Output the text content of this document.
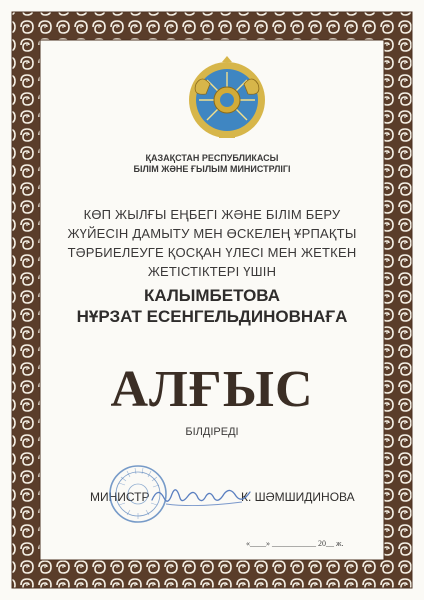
ҚАЗАҚСТАН РЕСПУБЛИКАСЫ
БІЛІМ ЖӘНЕ ҒЫЛЫМ МИНИСТРЛІГІ
КӨП ЖЫЛҒЫ ЕҢБЕГІ ЖӘНЕ БІЛІМ БЕРУ
ЖҮЙЕСІН ДАМЫТУ МЕН ӨСКЕЛЕҢ ҰРПАҚТЫ
ТӘРБИЕЛЕУГЕ ҚОСҚАН ҮЛЕСІ МЕН ЖЕТКЕН
ЖЕТІСТІКТЕРІ ҮШІН
КАЛЫМБЕТОВА
НҰРЗАТ ЕСЕНГЕЛЬДИНОВНАҒА
АЛҒЫС
БІЛДІРЕДІ
МИНИСТР	К. ШӘМШИДИНОВА
«____» ___________ 20__ ж.
